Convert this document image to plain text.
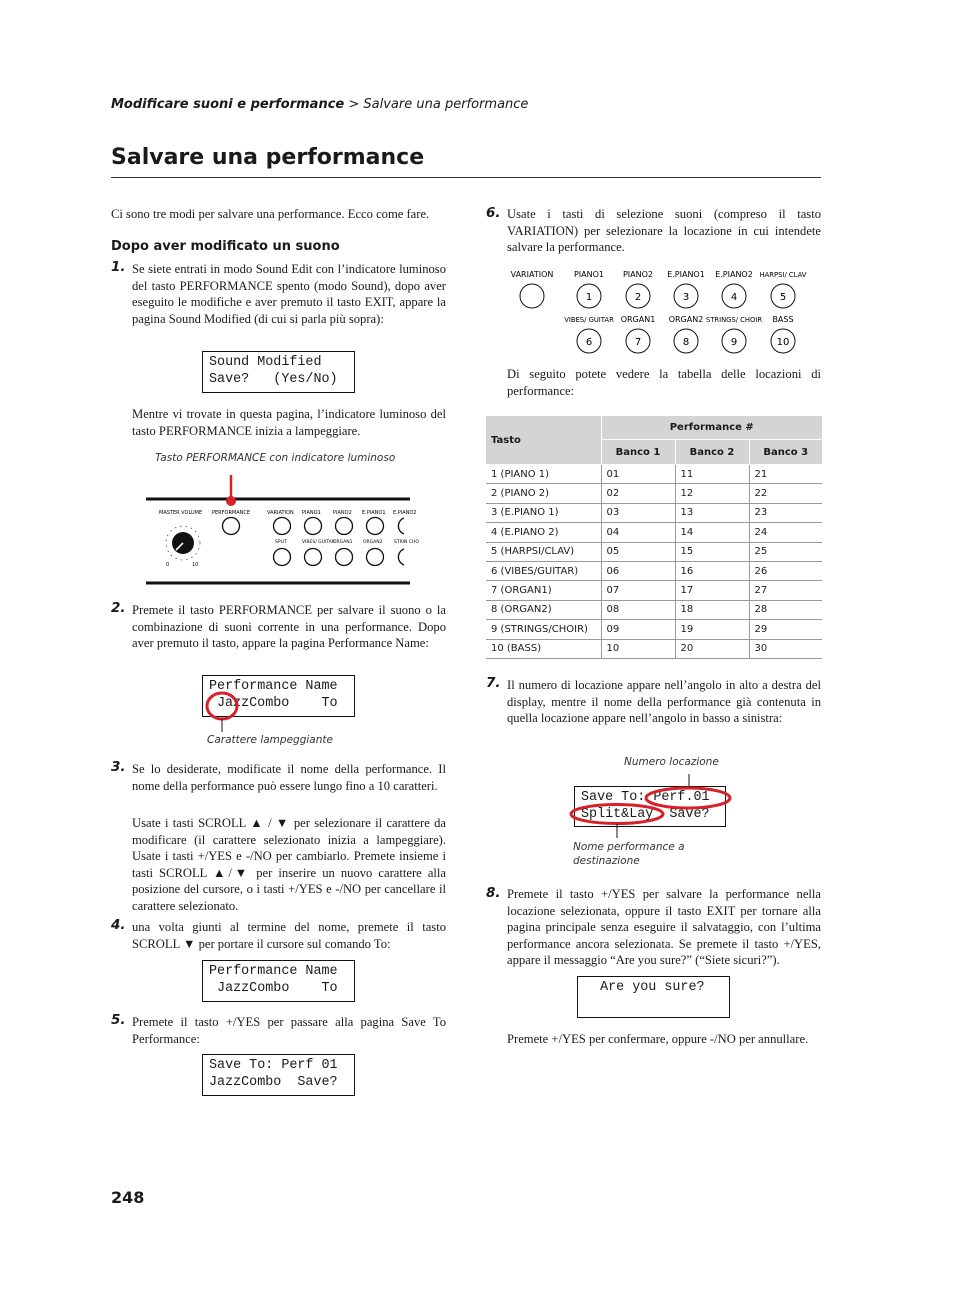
Modificare suoni e performance > Salvare una performance
Salvare una performance
Ci sono tre modi per salvare una performance. Ecco come fare.
Dopo aver modificato un suono
1. Se siete entrati in modo Sound Edit con l’indicatore luminoso del tasto PERFORMANCE spento (modo Sound), dopo aver eseguito le modifiche e aver premuto il tasto EXIT, appare la pagina Sound Modified (di cui si parla più sopra):
Sound Modified
Save?   (Yes/No)
Mentre vi trovate in questa pagina, l’indicatore luminoso del tasto PERFORMANCE inizia a lampeggiare.
Tasto PERFORMANCE con indicatore luminoso
MASTER VOLUME PERFORMANCE
0	10
VARIATION PIANO1 PIANO2 E.PIANO1 E.PIANO2
SPLIT	VIBES/ GUITAR
ORGAN1 ORGAN2	STRIN CHO
2. Premete il tasto PERFORMANCE per salvare il suono o la combinazione di suoni corrente in una performance. Dopo aver premuto il tasto, appare la pagina Performance Name:
Performance Name
JazzCombo    To
Carattere lampeggiante
3. Se lo desiderate, modificate il nome della performance. Il nome della performance può essere lungo fino a 10 caratteri.
Usate i tasti SCROLL ▲ / ▼ per selezionare il carattere da modificare (il carattere selezionato inizia a lampeggiare). Usate i tasti +/YES e -/NO per cambiarlo. Premete insieme i tasti SCROLL ▲/▼ per inserire un nuovo carattere alla posizione del cursore, o i tasti +/YES e -/NO per cancellare il carattere selezionato.
4. una volta giunti al termine del nome, premete il tasto SCROLL ▼ per portare il cursore sul comando To:
Performance Name
JazzCombo    To
5. Premete il tasto +/YES per passare alla pagina Save To Performance:
Save To: Perf 01
JazzCombo  Save?
6. Usate i tasti di selezione suoni (compreso il tasto VARIATION) per selezionare la locazione in cui intendete salvare la performance.
VARIATION	PIANO1 PIANO2 E.PIANO1 E.PIANO2 HARPSI/ CLAV
1	2	3	4	5
VIBES/ GUITAR ORGAN1 ORGAN2 STRINGS/ CHOIR BASS
6	7	8	9	10
Di seguito potete vedere la tabella delle locazioni di performance:
Tasto	Performance #		
	Banco 1	Banco 2	Banco 3
1 (PIANO 1)	01	11	21
2 (PIANO 2)	02	12	22
3 (E.PIANO 1)	03	13	23
4 (E.PIANO 2)	04	14	24
5 (HARPSI/CLAV)	05	15	25
6 (VIBES/GUITAR)	06	16	26
7 (ORGAN1)	07	17	27
8 (ORGAN2)	08	18	28
9 (STRINGS/CHOIR)	09	19	29
10 (BASS)	10	20	30
7. Il numero di locazione appare nell’angolo in alto a destra del display, mentre il nome della performance già contenuta in quella locazione appare nell’angolo in basso a sinistra:
Numero locazione
Save To: Perf.01
Split&Lay  Save?
Nome performance a destinazione
8. Premete il tasto +/YES per salvare la performance nella locazione selezionata, oppure il tasto EXIT per tornare alla pagina principale senza eseguire il salvataggio, con l’ultima performance ancora selezionata. Se premete il tasto +/YES, appare il messaggio “Are you sure?” (“Siete sicuri?”).
Are you sure?
Premete +/YES per confermare, oppure -/NO per annullare.
248
